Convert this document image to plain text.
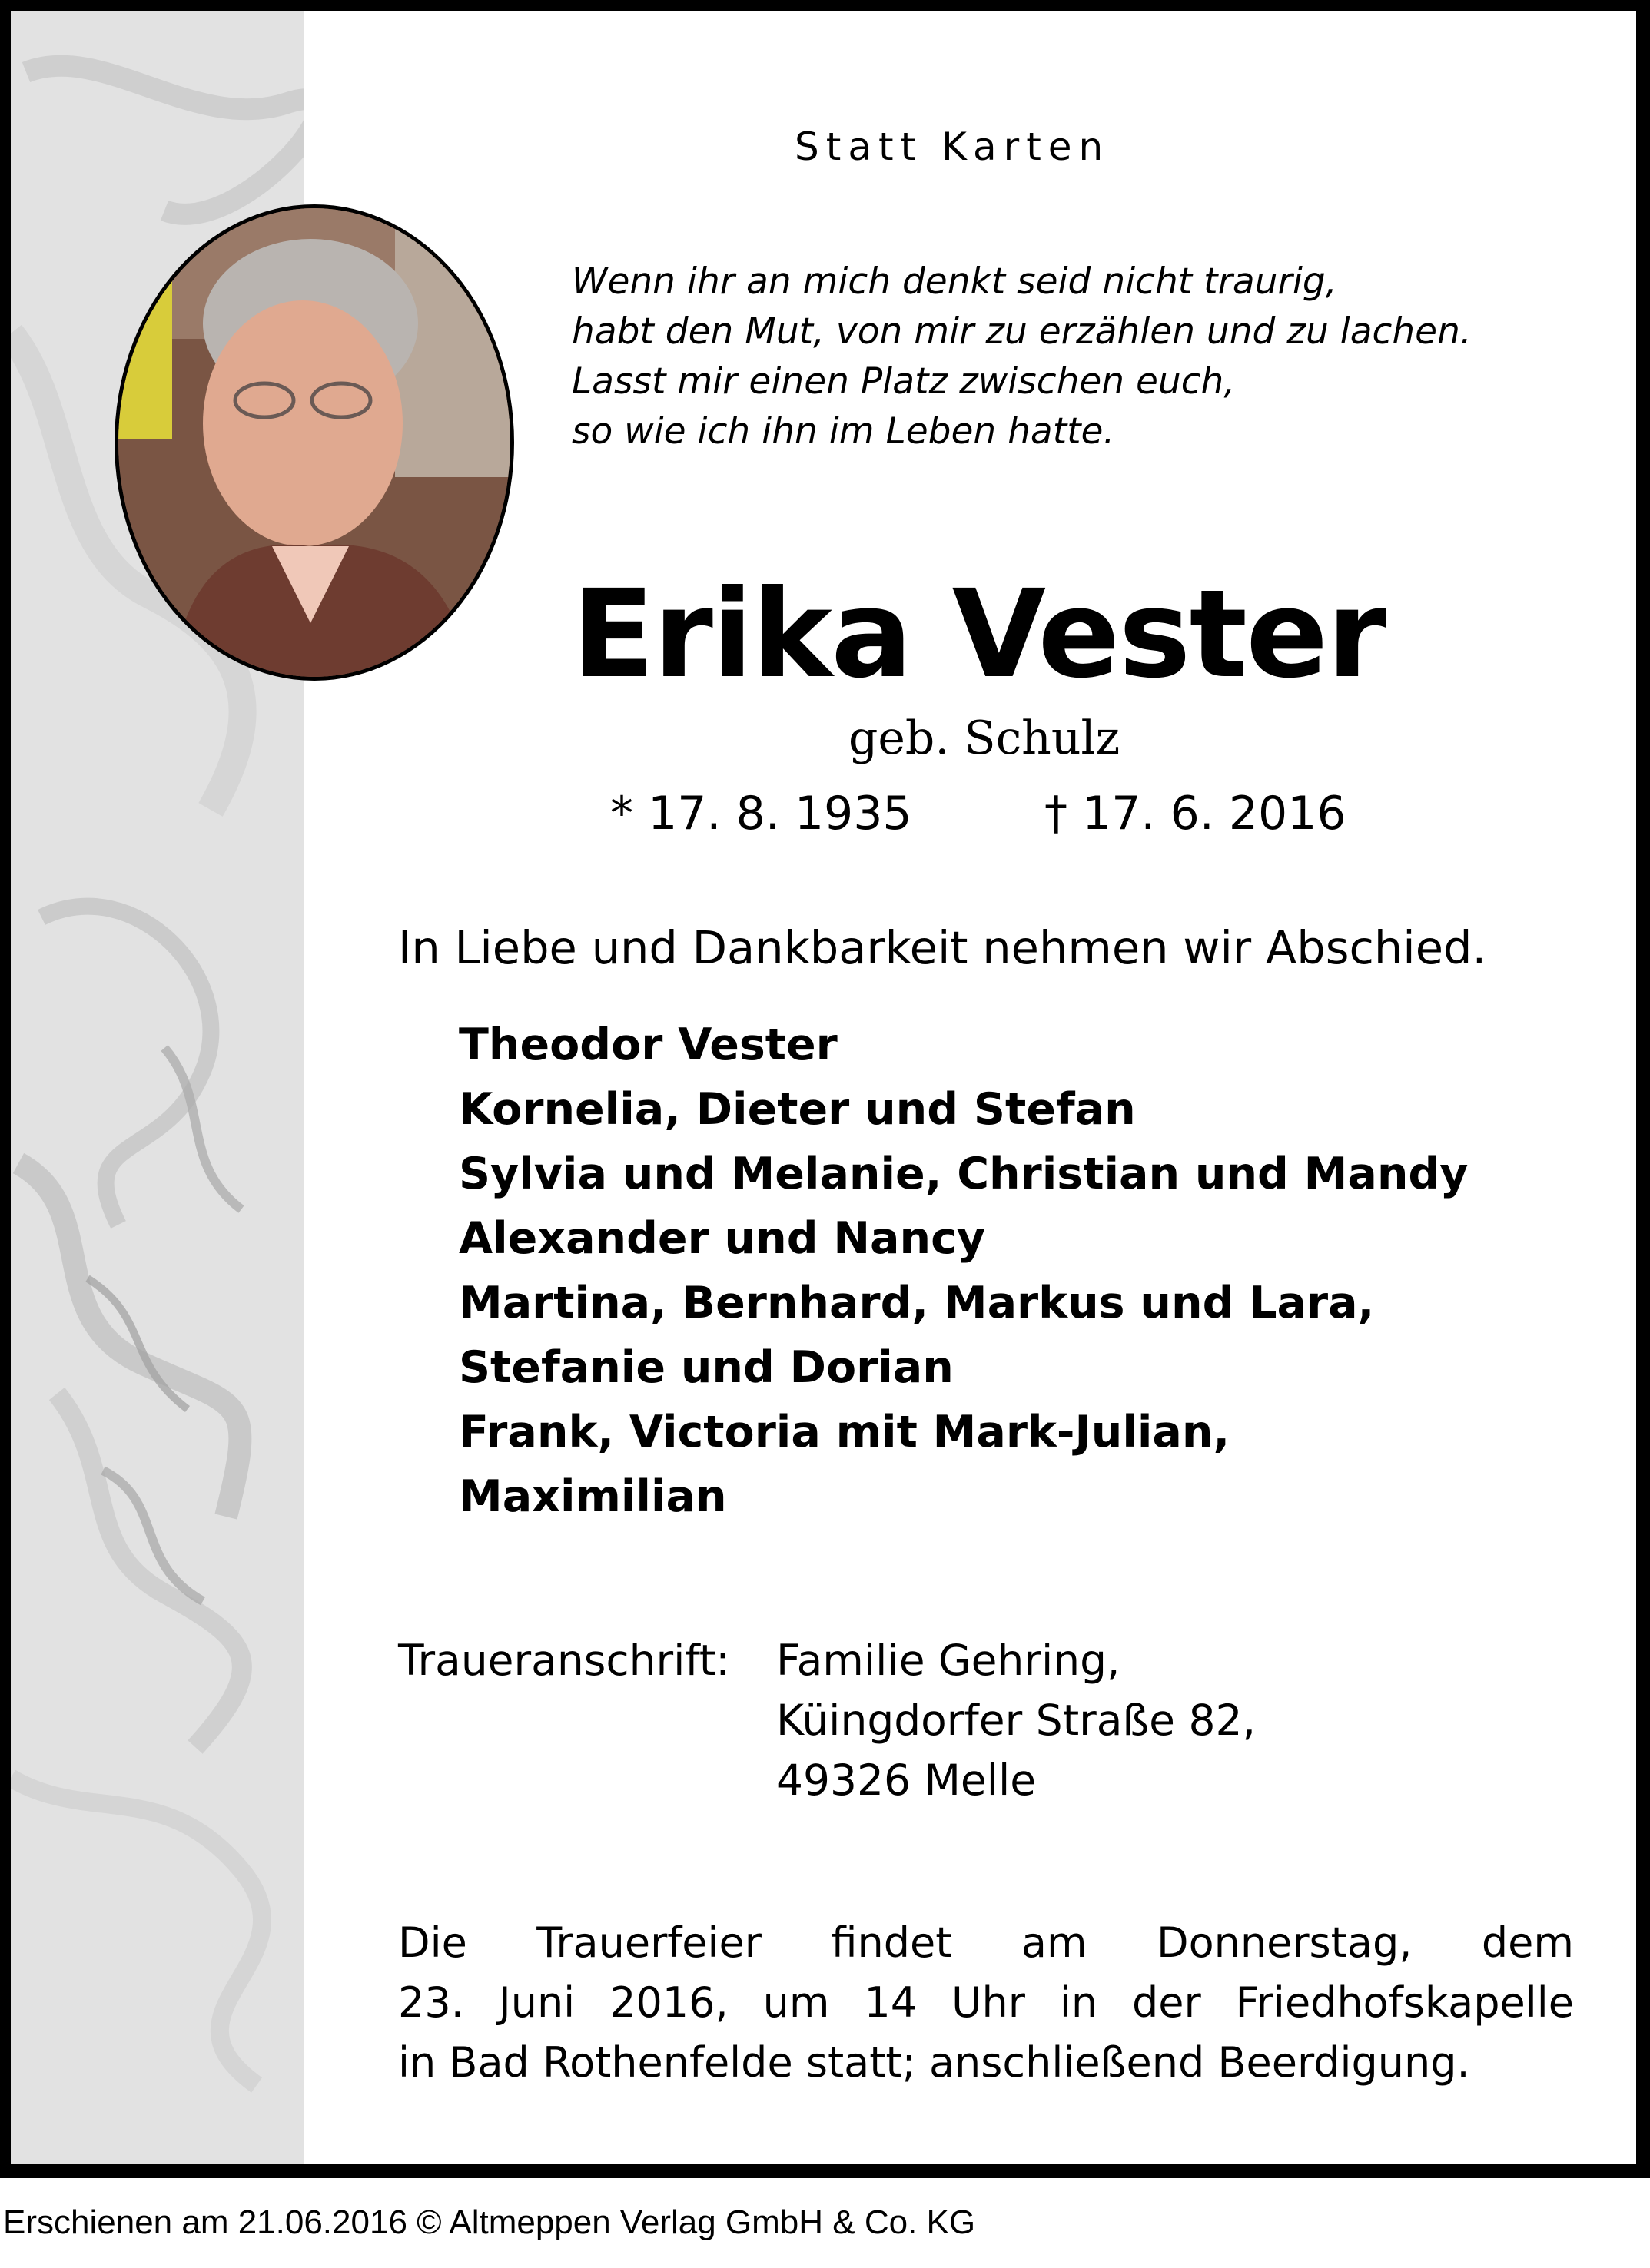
Statt Karten
Wenn ihr an mich denkt seid nicht traurig,
habt den Mut, von mir zu erzählen und zu lachen.
Lasst mir einen Platz zwischen euch,
so wie ich ihn im Leben hatte.
Erika Vester
geb. Schulz
* 17. 8. 1935	† 17. 6. 2016
In Liebe und Dankbarkeit nehmen wir Abschied.
Theodor Vester
Kornelia, Dieter und Stefan
Sylvia und Melanie, Christian und Mandy
Alexander und Nancy
Martina, Bernhard, Markus und Lara,
Stefanie und Dorian
Frank, Victoria mit Mark-Julian,
Maximilian
Traueranschrift: Familie Gehring,
Küingdorfer Straße 82,
49326 Melle
Die Trauerfeier findet am Donnerstag, dem
23. Juni 2016, um 14 Uhr in der Friedhofskapelle
in Bad Rothenfelde statt; anschließend Beerdigung.
Erschienen am 21.06.2016 © Altmeppen Verlag GmbH & Co. KG
